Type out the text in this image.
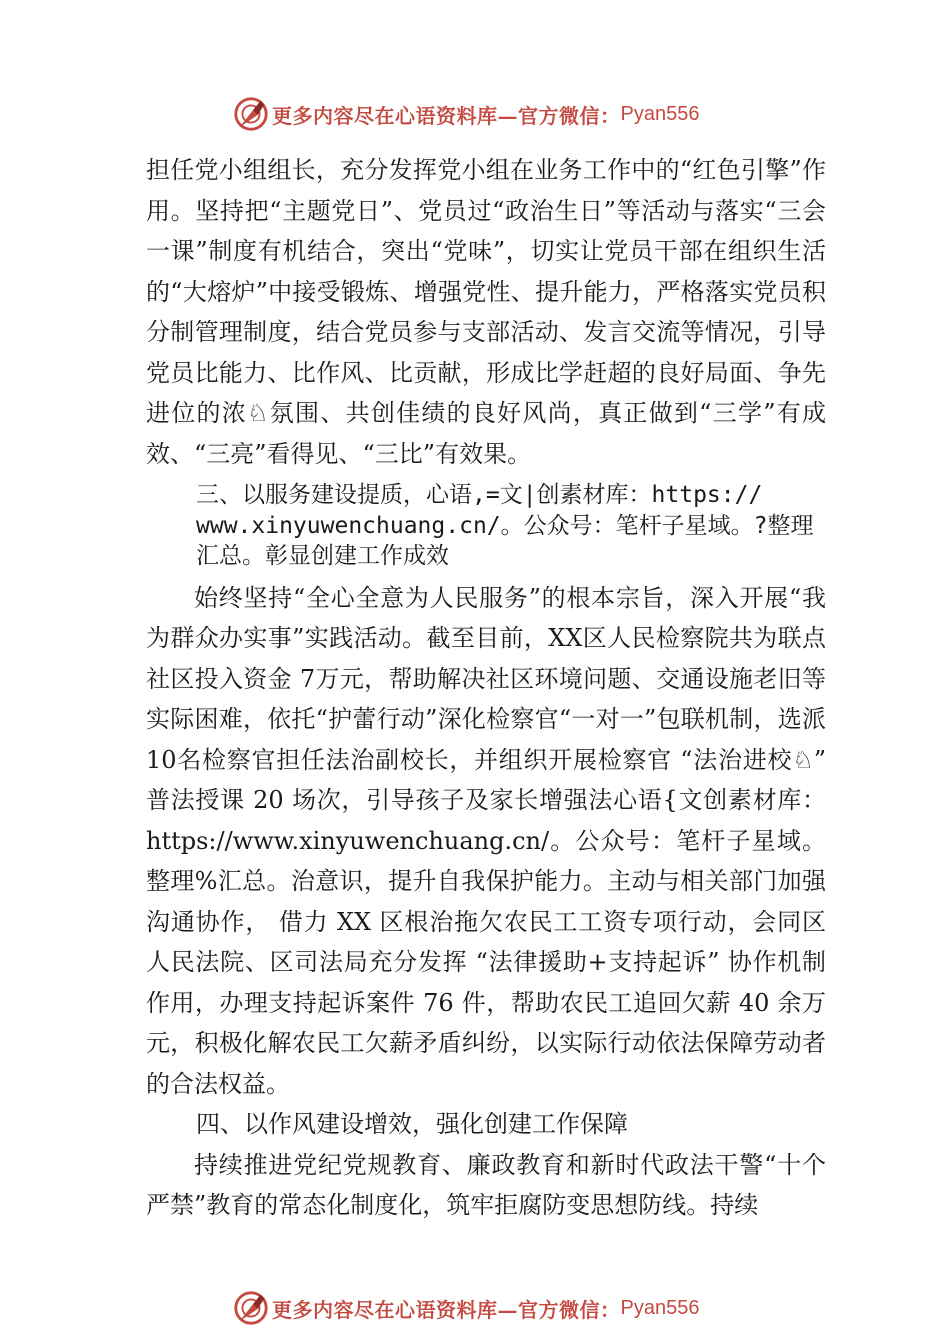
更多内容尽在心语资料库—官方微信： Pyan556

担任党小组组长，充分发挥党小组在业务工作中的“红色引擎”作用。坚持把“主题党日”、党员过“政治生日”等活动与落实“三会一课”制度有机结合，突出“党味”，切实让党员干部在组织生活的“大熔炉”中接受锻炼、增强党性、提升能力，严格落实党员积分制管理制度，结合党员参与支部活动、发言交流等情况，引导党员比能力、比作风、比贡献，形成比学赶超的良好局面、争先进位的浓♘氛围、共创佳绩的良好风尚，真正做到“三学”有成效、“三亮”看得见、“三比”有效果。

三、以服务建设提质，心语,=文|创素材库：https://
www.xinyuwenchuang.cn/。公众号：笔杆子星域。?整理
汇总。彰显创建工作成效

始终坚持“全心全意为人民服务”的根本宗旨，深入开展“我为群众办实事”实践活动。截至目前，XX区人民检察院共为联点社区投入资金 7万元，帮助解决社区环境问题、交通设施老旧等实际困难，依托“护蕾行动”深化检察官“一对一”包联机制，选派 10名检察官担任法治副校长，并组织开展检察官 “法治进校♘” 普法授课 20 场次，引导孩子及家长增强法心语{文创素材库：https://www.xinyuwenchuang.cn/。公众号：笔杆子星域。整理%汇总。治意识，提升自我保护能力。主动与相关部门加强沟通协作， 借力 XX 区根治拖欠农民工工资专项行动，会同区人民法院、区司法局充分发挥 “法律援助+支持起诉” 协作机制作用，办理支持起诉案件 76 件，帮助农民工追回欠薪 40 余万元，积极化解农民工欠薪矛盾纠纷，以实际行动依法保障劳动者的合法权益。

四、以作风建设增效，强化创建工作保障

持续推进党纪党规教育、廉政教育和新时代政法干警“十个严禁”教育的常态化制度化，筑牢拒腐防变思想防线。持续

更多内容尽在心语资料库—官方微信： Pyan556
